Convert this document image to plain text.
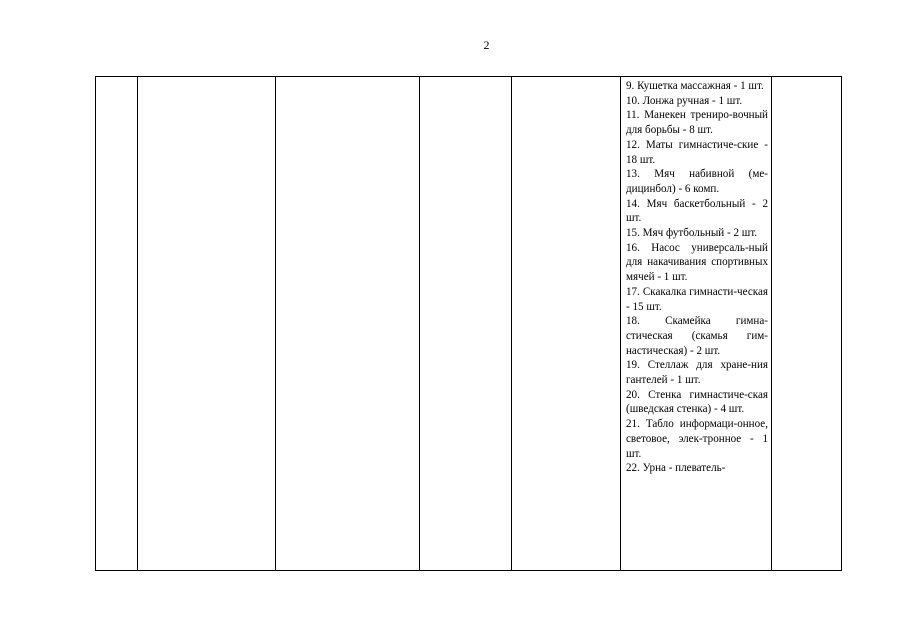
2

9. Кушетка массажная - 1 шт.

10. Лонжа ручная - 1 шт.

11. Манекен трениро-вочный для борьбы - 8 шт.

12. Маты гимнастиче-ские - 18 шт.

13. Мяч набивной (ме-дицинбол) - 6 комп.

14. Мяч баскетбольный - 2 шт.

15. Мяч футбольный - 2 шт.

16. Насос универсаль-ный для накачивания спортивных мячей - 1 шт.

17. Скакалка гимнасти-ческая - 15 шт.

18. Скамейка гимна-стическая (скамья гим-настическая) - 2 шт.

19. Стеллаж для хране-ния гантелей - 1 шт.

20. Стенка гимнастиче-ская (шведская стенка) - 4 шт.

21. Табло информаци-онное, световое, элек-тронное - 1 шт.

22. Урна - плеватель-
